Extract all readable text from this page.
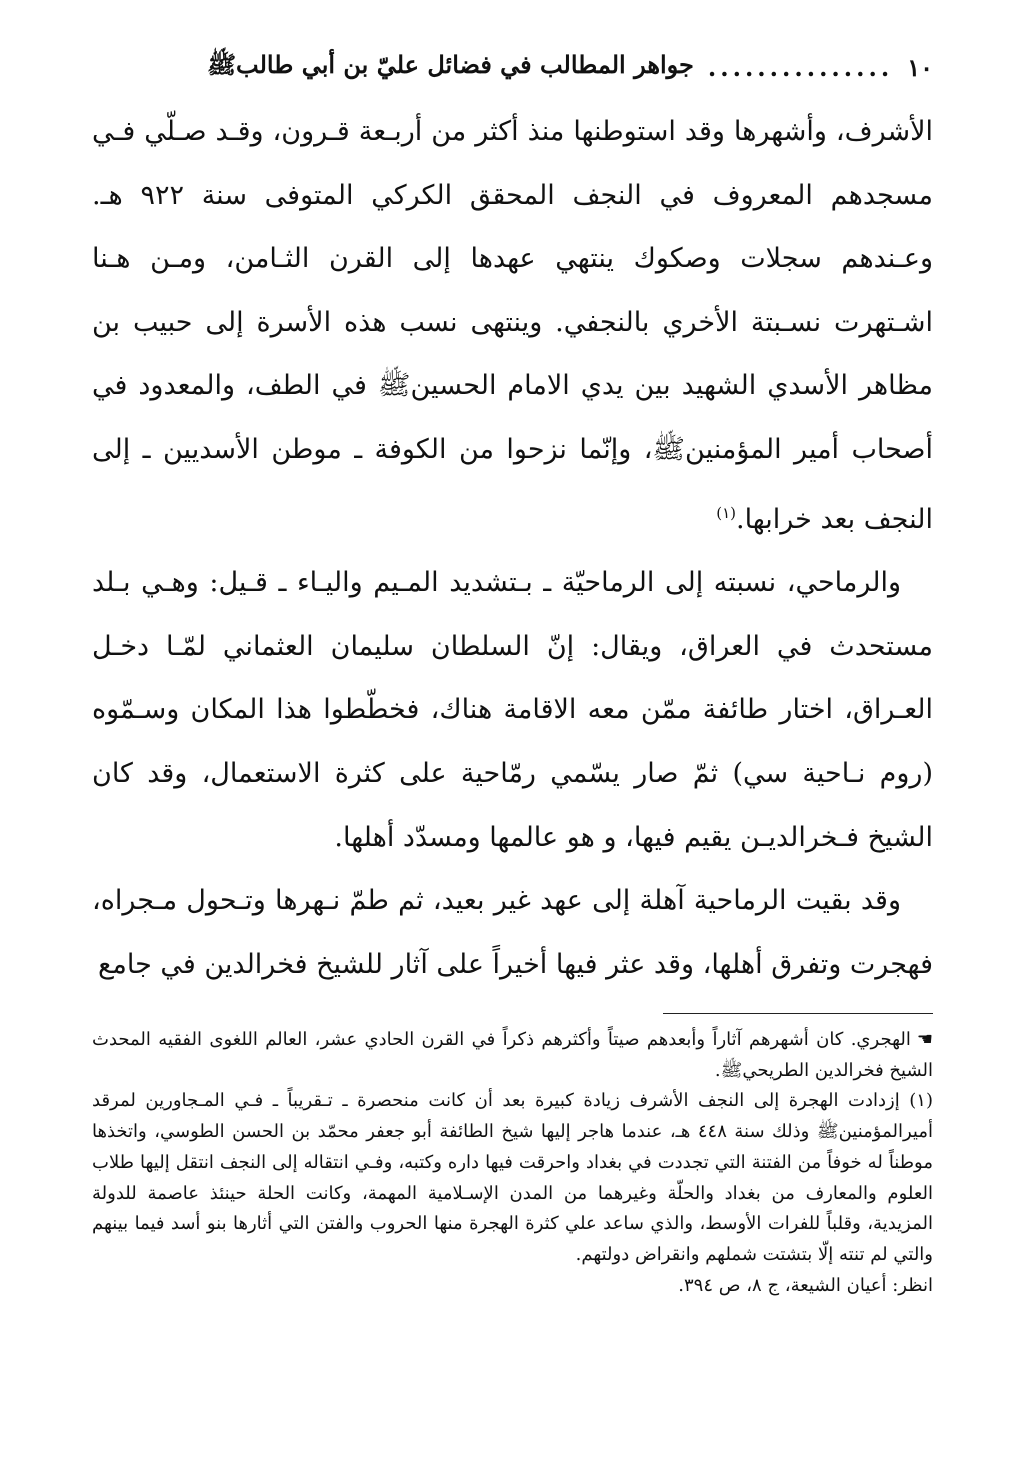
١٠
...............
جواهر المطالب في فضائل عليّ بن أبي طالبﷺ

الأشرف، وأشهرها وقد استوطنها منذ أكثر من أربـعة قـرون، وقـد صـلّي فـي مسجدهم المعروف في النجف المحقق الكركي المتوفى سنة ٩٢٢ هـ. وعـندهم سجلات وصكوك ينتهي عهدها إلى القرن الثـامن، ومـن هـنا اشـتهرت نسـبتة الأخري بالنجفي. وينتهى نسب هذه الأسرة إلى حبيب بن مظاهر الأسدي الشهيد بين يدي الامام الحسينﷺ في الطف، والمعدود في أصحاب أمير المؤمنينﷺ، وإنّما نزحوا من الكوفة ـ موطن الأسديين ـ إلى النجف بعد خرابها.$^{(١)}$

والرماحي، نسبته إلى الرماحيّة ـ بـتشديد المـيم واليـاء ـ قـيل: وهـي بـلد مستحدث في العراق، ويقال: إنّ السلطان سليمان العثماني لمّـا دخـل العـراق، اختار طائفة ممّن معه الاقامة هناك، فخطّطوا هذا المكان وسـمّوه (روم نـاحية سي) ثمّ صار يسّمي رمّاحية على كثرة الاستعمال، وقد كان الشيخ فـخرالديـن يقيم فيها، و هو عالمها ومسدّد أهلها.

وقد بقيت الرماحية آهلة إلى عهد غير بعيد، ثم طمّ نـهرها وتـحول مـجراه، فهجرت وتفرق أهلها، وقد عثر فيها أخيراً على آثار للشيخ فخرالدين في جامع

☚الهجري. كان أشهرهم آثاراً وأبعدهم صيتاً وأكثرهم ذكراً في القرن الحادي عشر، العالم اللغوى الفقيه المحدث الشيخ فخرالدين الطريحيﷺ.

(١) إزدادت الهجرة إلى النجف الأشرف زيادة كبيرة بعد أن كانت منحصرة ـ تـقريباً ـ فـي المـجاورين لمرقد أميرالمؤمنينﷺ وذلك سنة ٤٤٨ هـ، عندما هاجر إليها شيخ الطائفة أبو جعفر محمّد بن الحسن الطوسي، واتخذها موطناً له خوفاً من الفتنة التي تجددت في بغداد واحرقت فيها داره وكتبه، وفـي انتقاله إلى النجف انتقل إليها طلاب العلوم والمعارف من بغداد والحلّة وغيرهما من المدن الإسـلامية المهمة، وكانت الحلة حينئذ عاصمة للدولة المزيدية، وقلباً للفرات الأوسط، والذي ساعد علي كثرة الهجرة منها الحروب والفتن التي أثارها بنو أسد فيما بينهم والتي لم تنته إلّا بتشتت شملهم وانقراض دولتهم.

انظر: أعيان الشيعة، ج ٨، ص ٣٩٤.
